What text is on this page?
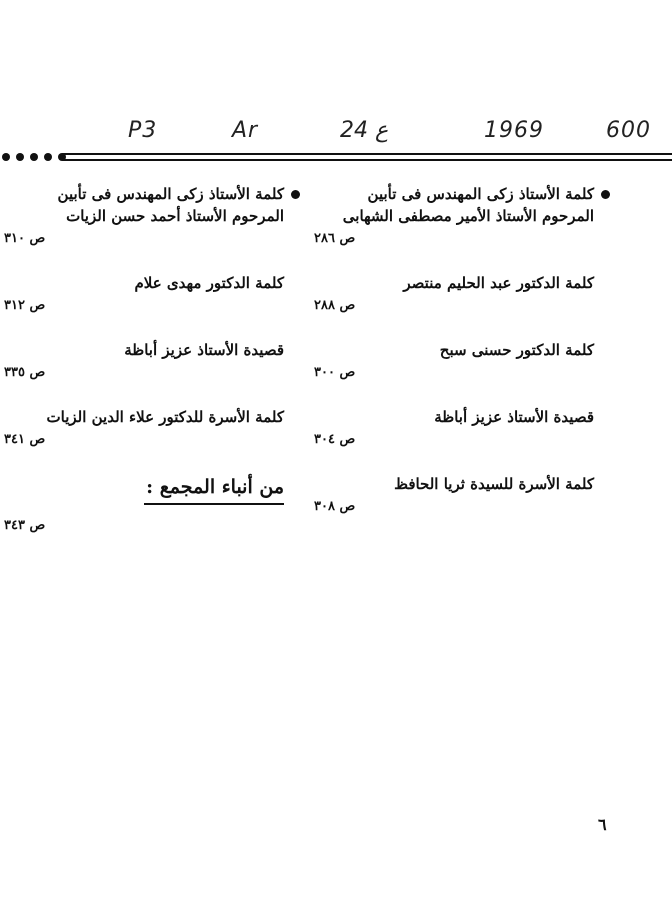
P3	Ar	24 ع	1969	600
كلمة الأستاذ زكى المهندس فى تأبين المرحوم الأستاذ الأمير مصطفى الشهابى
ص ٢٨٦
كلمة الدكتور عبد الحليم منتصر
ص ٢٨٨
كلمة الدكتور حسنى سبح
ص ٣٠٠
قصيدة الأستاذ عزيز أباظة
ص ٣٠٤
كلمة الأسرة للسيدة ثريا الحافظ
ص ٣٠٨
كلمة الأستاذ زكى المهندس فى تأبين المرحوم الأستاذ أحمد حسن الزيات
ص ٣١٠
كلمة الدكتور مهدى علام
ص ٣١٢
قصيدة الأستاذ عزيز أباظة
ص ٣٣٥
كلمة الأسرة للدكتور علاء الدين الزيات
ص ٣٤١
من أنباء المجمع :
ص ٣٤٣
٦
